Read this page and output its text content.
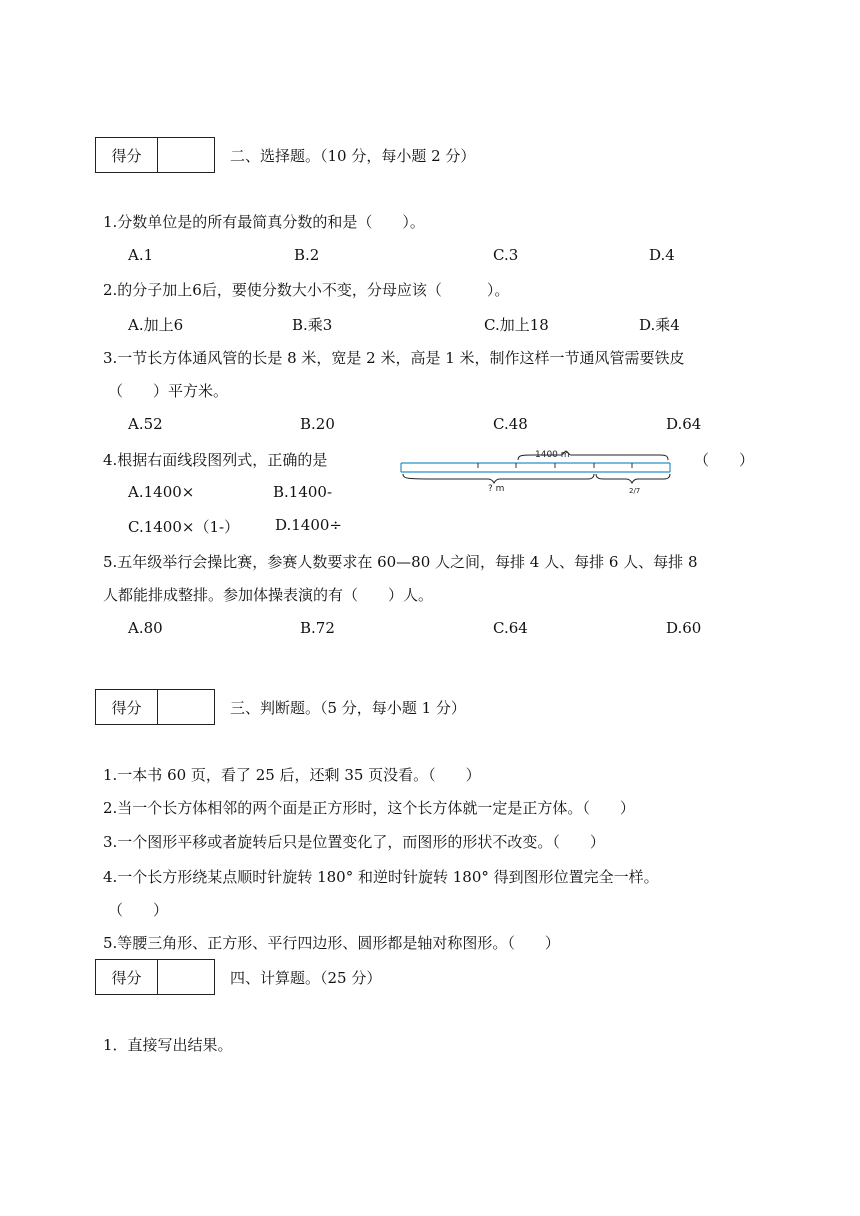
得分	二、选择题。（10 分，每小题 2 分）
1.分数单位是的所有最简真分数的和是（　　）。
A.1	B.2	C.3	D.4
2.的分子加上6后，要使分数大小不变，分母应该（　　　）。
A.加上6	B.乘3	C.加上18	D.乘4
3.一节长方体通风管的长是 8 米，宽是 2 米，高是 1 米，制作这样一节通风管需要铁皮
（　　）平方米。
A.52	B.20	C.48	D.64
4.根据右面线段图列式，正确的是	（　　）
1400 m
? m	2/7
A.1400×	B.1400-
C.1400×（1-） D.1400÷
5.五年级举行会操比赛，参赛人数要求在 60—80 人之间，每排 4 人、每排 6 人、每排 8
人都能排成整排。参加体操表演的有（　　）人。
A.80	B.72	C.64	D.60
得分	三、判断题。（5 分，每小题 1 分）
1.一本书 60 页，看了 25 后，还剩 35 页没看。（　　）
2.当一个长方体相邻的两个面是正方形时，这个长方体就一定是正方体。（　　）
3.一个图形平移或者旋转后只是位置变化了，而图形的形状不改变。（　　）
4.一个长方形绕某点顺时针旋转 180° 和逆时针旋转 180° 得到图形位置完全一样。
（　　）
5.等腰三角形、正方形、平行四边形、圆形都是轴对称图形。（　　）
得分	四、计算题。（25 分）
1．直接写出结果。
